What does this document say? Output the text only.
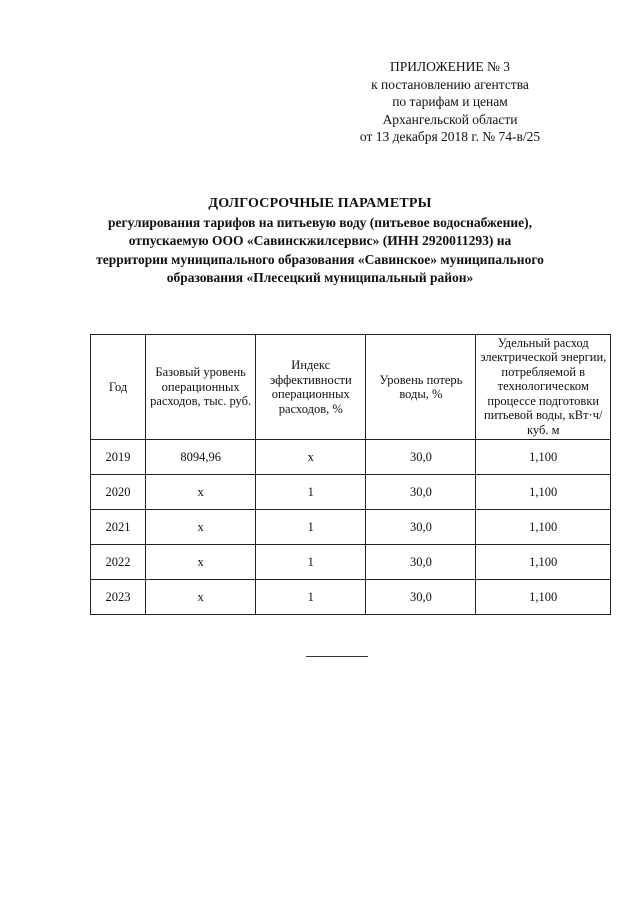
ПРИЛОЖЕНИЕ № 3
к постановлению агентства
по тарифам и ценам
Архангельской области
от 13 декабря 2018 г. № 74-в/25
ДОЛГОСРОЧНЫЕ ПАРАМЕТРЫ
регулирования тарифов на питьевую воду (питьевое водоснабжение),
отпускаемую ООО «Савинскжилсервис» (ИНН 2920011293) на
территории муниципального образования «Савинское» муниципального
образования «Плесецкий муниципальный район»
Год	Базовый уровень операционных расходов, тыс. руб.	Индекс эффективности операционных расходов, %	Уровень потерь воды, %	Удельный расход электрической энергии, потребляемой в технологическом процессе подготовки питьевой воды, кВт·ч/куб. м
2019	8094,96	х	30,0	1,100
2020	х	1	30,0	1,100
2021	х	1	30,0	1,100
2022	х	1	30,0	1,100
2023	х	1	30,0	1,100
